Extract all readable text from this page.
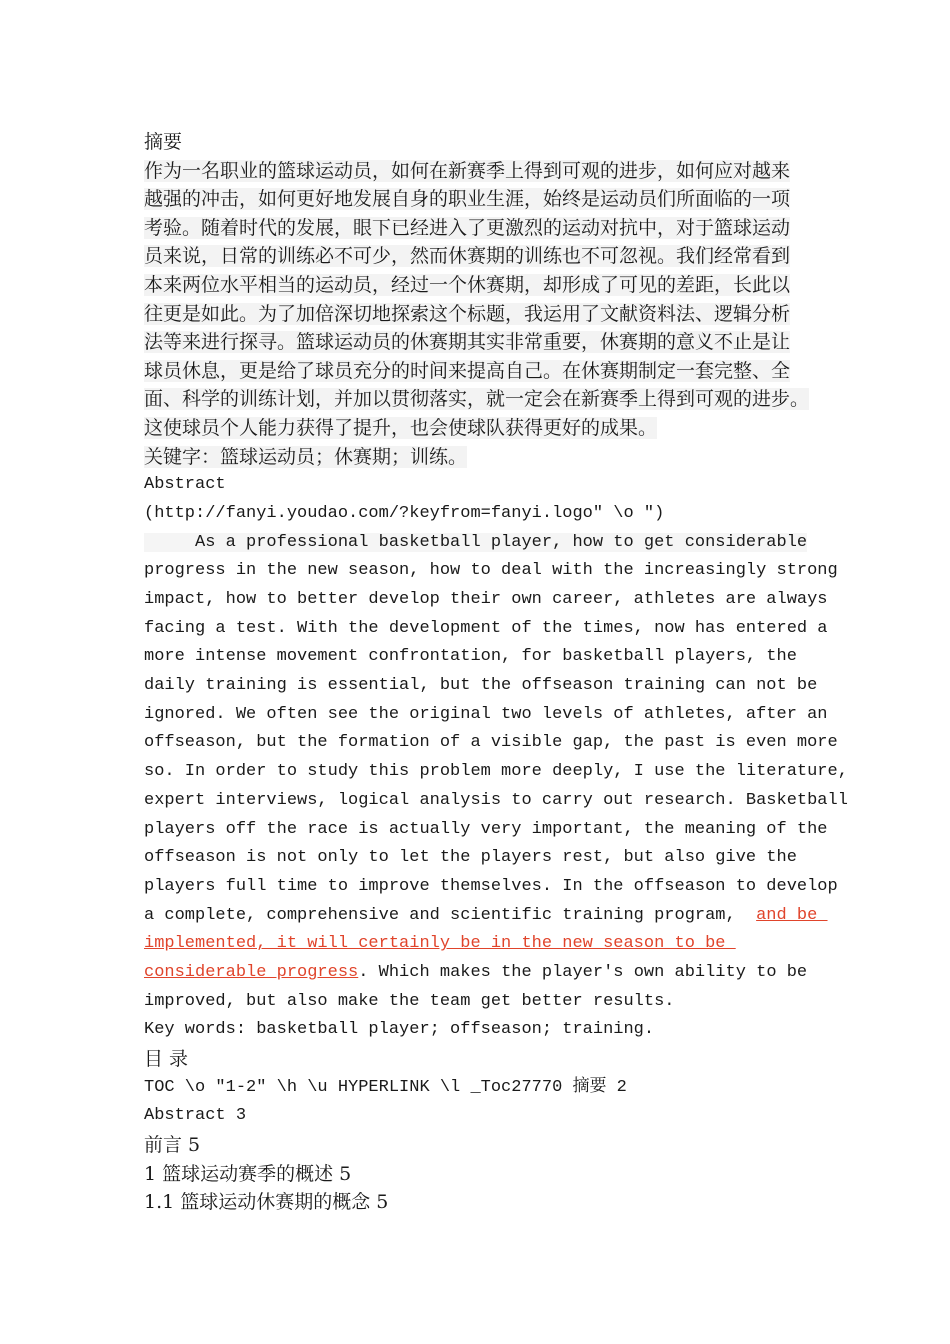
摘要

作为一名职业的篮球运动员，如何在新赛季上得到可观的进步，如何应对越来

越强的冲击，如何更好地发展自身的职业生涯，始终是运动员们所面临的一项

考验。随着时代的发展，眼下已经进入了更激烈的运动对抗中，对于篮球运动

员来说，日常的训练必不可少，然而休赛期的训练也不可忽视。我们经常看到

本来两位水平相当的运动员，经过一个休赛期，却形成了可见的差距，长此以

往更是如此。为了加倍深切地探索这个标题，我运用了文献资料法、逻辑分析

法等来进行探寻。篮球运动员的休赛期其实非常重要，休赛期的意义不止是让

球员休息，更是给了球员充分的时间来提高自己。在休赛期制定一套完整、全

面、科学的训练计划，并加以贯彻落实，就一定会在新赛季上得到可观的进步。

这使球员个人能力获得了提升，也会使球队获得更好的成果。

关键字：篮球运动员；休赛期；训练。

Abstract

(http://fanyi.youdao.com/?keyfrom=fanyi.logo" \o ")

As a professional basketball player, how to get considerable

progress in the new season, how to deal with the increasingly strong

impact, how to better develop their own career, athletes are always

facing a test. With the development of the times, now has entered a

more intense movement confrontation, for basketball players, the

daily training is essential, but the offseason training can not be

ignored. We often see the original two levels of athletes, after an

offseason, but the formation of a visible gap, the past is even more

so. In order to study this problem more deeply, I use the literature,

expert interviews, logical analysis to carry out research. Basketball

players off the race is actually very important, the meaning of the

offseason is not only to let the players rest, but also give the

players full time to improve themselves. In the offseason to develop

a complete, comprehensive and scientific training program,  and be

implemented, it will certainly be in the new season to be

considerable progress. Which makes the player's own ability to be

improved, but also make the team get better results.

Key words: basketball player; offseason; training.

目 录

TOC \o "1-2" \h \u HYPERLINK \l _Toc27770 摘要 2

Abstract 3

前言 5

1 篮球运动赛季的概述 5

1.1 篮球运动休赛期的概念 5
